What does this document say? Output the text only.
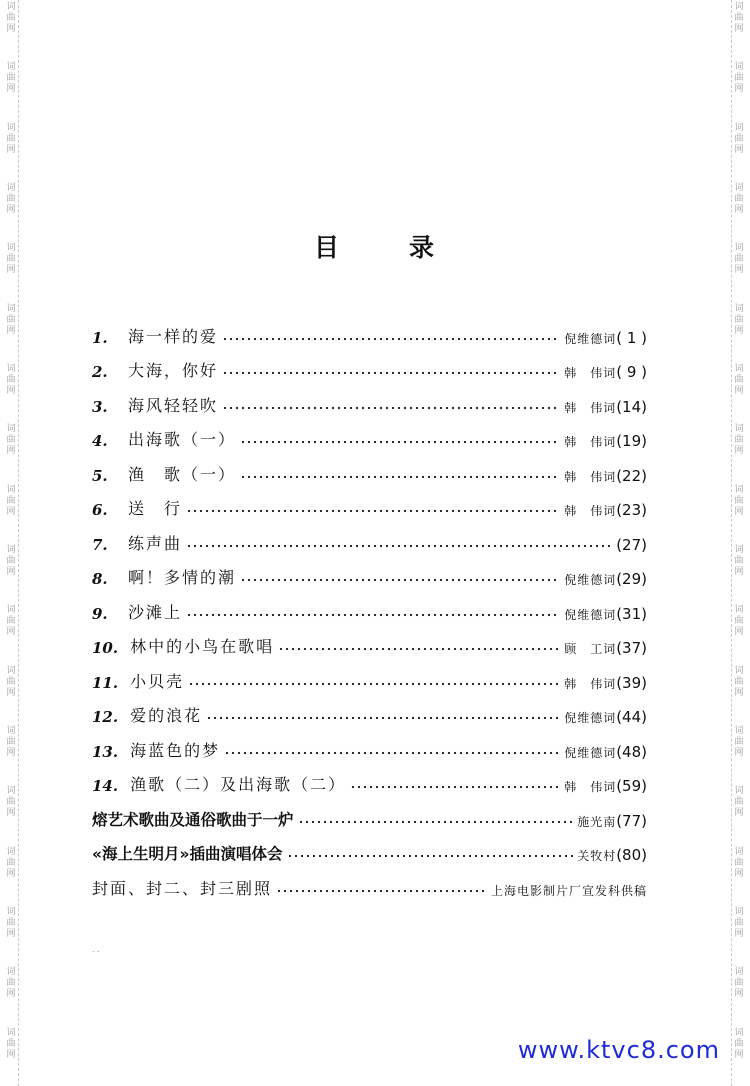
词
曲
网
词
曲
网
词
曲
网
词
曲
网
词
曲
网
词
曲
网
词
曲
网
词
曲
网
词
曲
网
词
曲
网
词
曲
网
词
曲
网
词
曲
网
词
曲
网
词
曲
网
词
曲
网
词
曲
网
词
曲
网
词
曲
网
词
曲
网
词
曲
网
词
曲
网
词
曲
网
词
曲
网
词
曲
网
词
曲
网
词
曲
网
词
曲
网
词
曲
网
词
曲
网
词
曲
网
词
曲
网
词
曲
网
词
曲
网
词
曲
网
词
曲
网
目	录
1.	海一样的爱	倪维德词 ( 1 )
2.	大海，你好	韩　伟词 ( 9 )
3.	海风轻轻吹	韩　伟词 (14)
4.	出海歌（一）	韩　伟词 (19)
5.	渔　歌（一）	韩　伟词 (22)
6.	送　行	韩　伟词 (23)
7.	练声曲	(27)
8.	啊！多情的潮	倪维德词 (29)
9.	沙滩上	倪维德词 (31)
10. 林中的小鸟在歌唱	顾　工词 (37)
11. 小贝壳	韩　伟词 (39)
12. 爱的浪花	倪维德词 (44)
13. 海蓝色的梦	倪维德词 (48)
14. 渔歌（二）及出海歌（二）	韩　伟词 (59)
熔艺术歌曲及通俗歌曲于一炉	施光南 (77)
«海上生明月»插曲演唱体会	关牧村 (80)
封面、封二、封三剧照	上海电影制片厂宣发科供稿
. .
www.ktvc8.com
